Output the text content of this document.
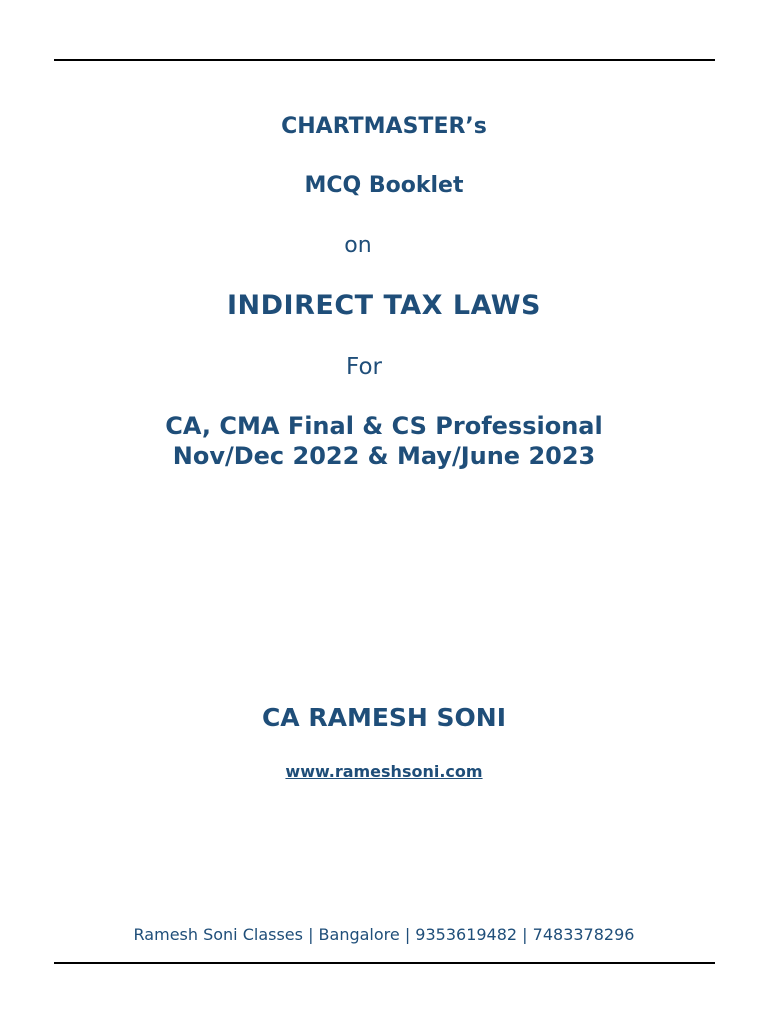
CHARTMASTER’s
MCQ Booklet
on
INDIRECT TAX LAWS
For
CA, CMA Final & CS Professional
Nov/Dec 2022 & May/June 2023
CA RAMESH SONI
www.rameshsoni.com
Ramesh Soni Classes | Bangalore | 9353619482 | 7483378296
